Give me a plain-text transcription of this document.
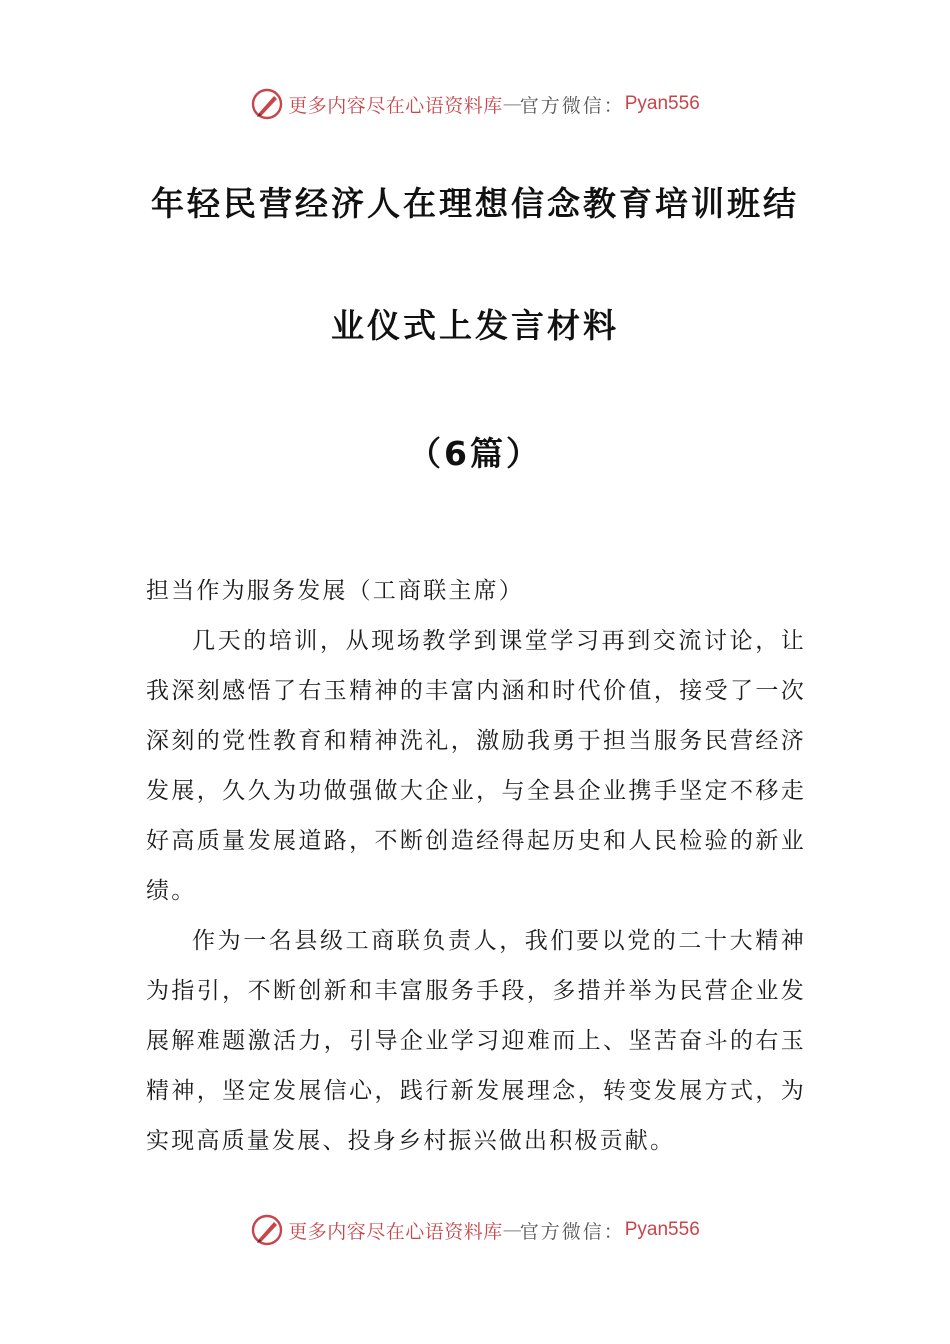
更多内容尽在心语资料库 — 官方微信： Pyan556
年轻民营经济人在理想信念教育培训班结
业仪式上发言材料
（6篇）

担当作为服务发展（工商联主席）

几天的培训，从现场教学到课堂学习再到交流讨论，让我深刻感悟了右玉精神的丰富内涵和时代价值，接受了一次深刻的党性教育和精神洗礼，激励我勇于担当服务民营经济发展，久久为功做强做大企业，与全县企业携手坚定不移走好高质量发展道路，不断创造经得起历史和人民检验的新业绩。

作为一名县级工商联负责人，我们要以党的二十大精神为指引，不断创新和丰富服务手段，多措并举为民营企业发展解难题激活力，引导企业学习迎难而上、坚苦奋斗的右玉精神，坚定发展信心，践行新发展理念，转变发展方式，为实现高质量发展、投身乡村振兴做出积极贡献。

更多内容尽在心语资料库 — 官方微信： Pyan556
